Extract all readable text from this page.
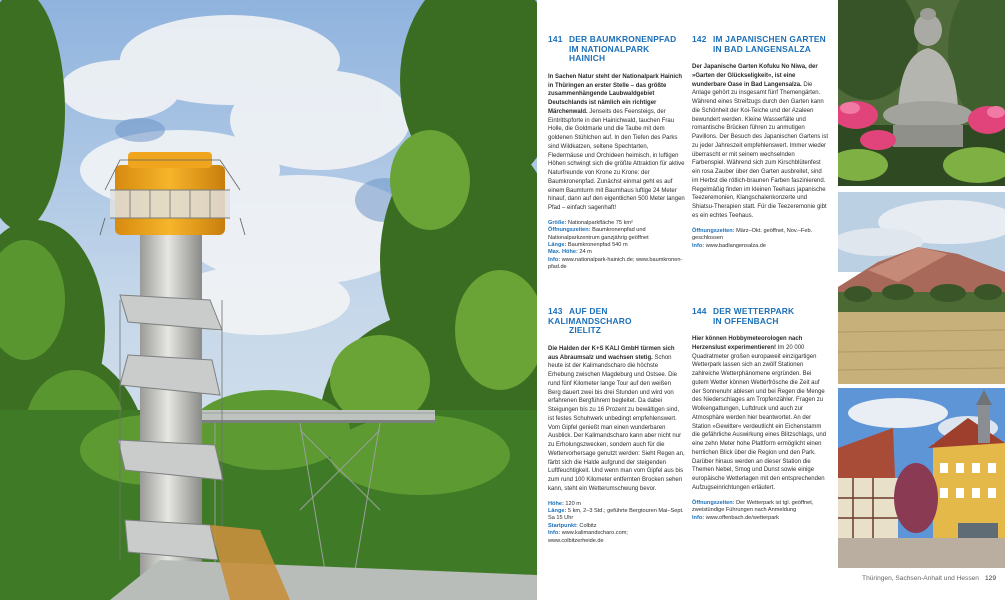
141 DER BAUMKRONENPFAD
IM NATIONALPARK HAINICH
In Sachen Natur steht der Nationalpark Hainich in Thüringen an erster Stelle – das größte zusammenhängende Laubwaldgebiet Deutschlands ist nämlich ein richtiger Märchenwald. Jenseits des Feensteigs, der Eintrittspforte in den Hainichwald, tauchen Frau Holle, die Goldmarie und die Taube mit dem goldenen Stühlchen auf. In den Tiefen des Parks sind Wildkatzen, seltene Spechtarten, Fledermäuse und Orchideen heimisch, in luftigen Höhen schwingt sich die größte Attraktion für aktive Naturfreunde von Krone zu Krone: der Baumkronenpfad. Zunächst einmal geht es auf einem Baumturm mit Baumhaus luftige 24 Meter hinauf, dann auf den eigentlichen 500 Meter langen Pfad – einfach sagenhaft!
Größe: Nationalparkfläche 75 km²
Öffnungszeiten: Baumkronenpfad und Nationalparkzentrum ganzjährig geöffnet
Länge: Baumkronenpfad 540 m
Max. Höhe: 24 m
Info: www.nationalpark-hainich.de; www.baumkronen-pfad.de
142 IM JAPANISCHEN GARTEN
IN BAD LANGENSALZA
Der Japanische Garten Kofuku No Niwa, der »Garten der Glückseligkeit«, ist eine wunderbare Oase in Bad Langensalza. Die Anlage gehört zu insgesamt fünf Themengärten. Während eines Streifzugs durch den Garten kann die Schönheit der Koi-Teiche und der Azaleen bewundert werden. Kleine Wasserfälle und romantische Brücken führen zu anmutigen Pavillons. Der Besuch des Japanischen Gartens ist zu jeder Jahreszeit empfehlenswert. Immer wieder überrascht er mit seinem wechselnden Farbenspiel. Während sich zum Kirschblütenfest ein rosa Zauber über den Garten ausbreitet, sind im Herbst die rötlich-braunen Farben faszinierend. Regelmäßig finden im kleinen Teehaus japanische Teezeremonien, Klangschalenkonzerte und Shiatsu-Therapien statt. Für die Teezeremonie gibt es ein echtes Teehaus.
Öffnungszeiten: März–Okt. geöffnet, Nov.–Feb. geschlossen
Info: www.badlangensalza.de
143 AUF DEN KALIMANDSCHARO
ZIELITZ
Die Halden der K+S KALI GmbH türmen sich aus Abraumsalz und wachsen stetig. Schon heute ist der Kalimandscharo die höchste Erhebung zwischen Magdeburg und Ostsee. Die rund fünf Kilometer lange Tour auf den weißen Berg dauert zwei bis drei Stunden und wird von erfahrenen Bergführern begleitet. Da dabei Steigungen bis zu 16 Prozent zu bewältigen sind, ist festes Schuhwerk unbedingt empfehlenswert. Vom Gipfel genießt man einen wunderbaren Ausblick. Der Kalimandscharo kann aber nicht nur zu Erholungszwecken, sondern auch für die Wettervorhersage genutzt werden: Sieht Regen an, färbt sich die Halde aufgrund der steigenden Luftfeuchtigkeit. Und wenn man vom Gipfel aus bis zum rund 100 Kilometer entfernten Brocken sehen kann, steht ein Wetterumschwung bevor.
Höhe: 120 m
Länge: 5 km, 2–3 Std.; geführte Bergtouren Mai–Sept. Sa 15 Uhr
Startpunkt: Colbitz
Info: www.kalimandscharo.com; www.colbitzerheide.de
144 DER WETTERPARK
IN OFFENBACH
Hier können Hobbymeteorologen nach Herzenslust experimentieren! Im 20 000 Quadratmeter großen europaweit einzigartigen Wetterpark lassen sich an zwölf Stationen zahlreiche Wetterphänomene ergründen. Bei gutem Wetter können Wetterfrösche die Zeit auf der Sonnenuhr ablesen und bei Regen die Menge des Niederschlages am Tropfenzähler. Fragen zu Wolkengattungen, Luftdruck und auch zur Atmosphäre werden hier beantwortet. An der Station »Gewitter« verdeutlicht ein Eichenstamm die gefährliche Auswirkung eines Blitzschlags, und eine zehn Meter hohe Plattform ermöglicht einen herrlichen Blick über die Region und den Park. Darüber hinaus werden an dieser Station die Themen Nebel, Smog und Dunst sowie einige europäische Wetterlagen mit den entsprechenden Aufzugseinrichtungen erläutert.
Öffnungszeiten: Der Wetterpark ist tgl. geöffnet, zweistündige Führungen nach Anmeldung
Info: www.offenbach.de/wetterpark
Thüringen, Sachsen-Anhalt und Hessen 129
